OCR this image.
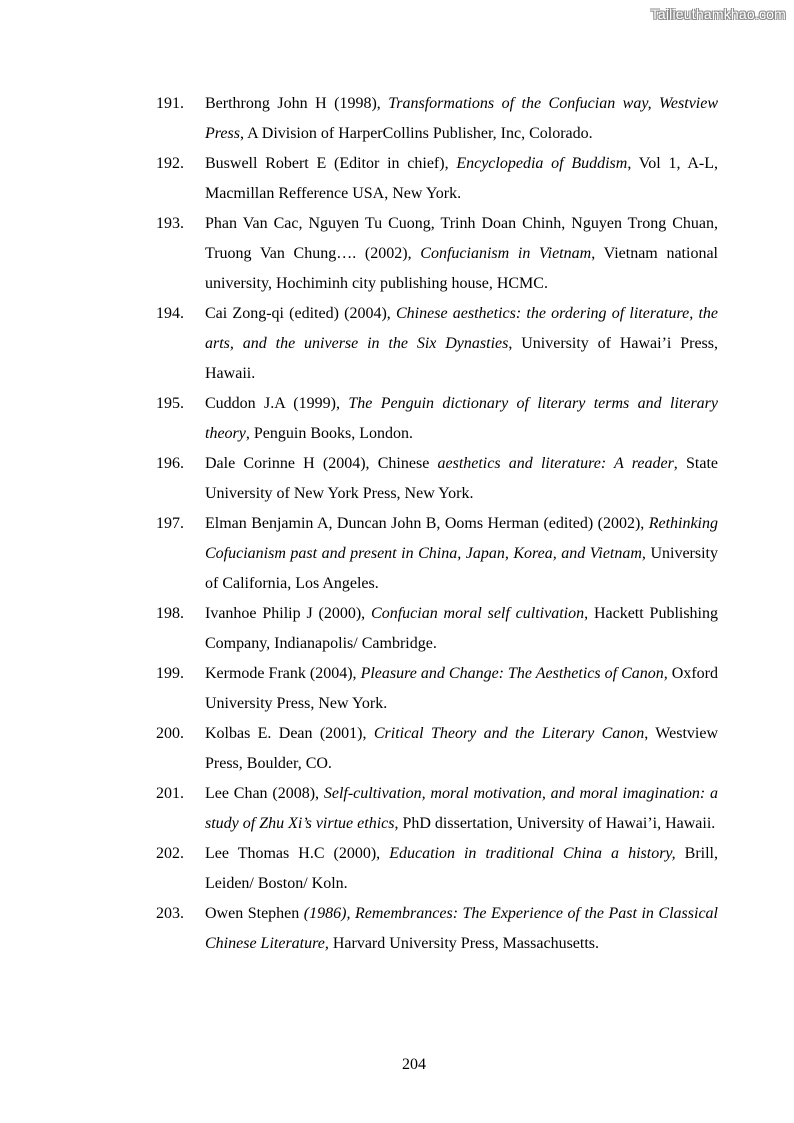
Tailieuthamkhao.com
191.	Berthrong John H (1998), Transformations of the Confucian way, Westview Press, A Division of HarperCollins Publisher, Inc, Colorado.
192.	Buswell Robert E (Editor in chief), Encyclopedia of Buddism, Vol 1, A-L, Macmillan Refference USA, New York.
193.	Phan Van Cac, Nguyen Tu Cuong, Trinh Doan Chinh, Nguyen Trong Chuan, Truong Van Chung…. (2002), Confucianism in Vietnam, Vietnam national university, Hochiminh city publishing house, HCMC.
194.	Cai Zong-qi (edited) (2004), Chinese aesthetics: the ordering of literature, the arts, and the universe in the Six Dynasties, University of Hawai’i Press, Hawaii.
195.	Cuddon J.A (1999), The Penguin dictionary of literary terms and literary theory, Penguin Books, London.
196.	Dale Corinne H (2004), Chinese aesthetics and literature: A reader, State University of New York Press, New York.
197.	Elman Benjamin A, Duncan John B, Ooms Herman (edited) (2002), Rethinking Cofucianism past and present in China, Japan, Korea, and Vietnam, University of California, Los Angeles.
198.	Ivanhoe Philip J (2000), Confucian moral self cultivation, Hackett Publishing Company, Indianapolis/ Cambridge.
199.	Kermode Frank (2004), Pleasure and Change: The Aesthetics of Canon, Oxford University Press, New York.
200.	Kolbas E. Dean (2001), Critical Theory and the Literary Canon, Westview Press, Boulder, CO.
201.	Lee Chan (2008), Self-cultivation, moral motivation, and moral imagination: a study of Zhu Xi’s virtue ethics, PhD dissertation, University of Hawai’i, Hawaii.
202.	Lee Thomas H.C (2000), Education in traditional China a history, Brill, Leiden/ Boston/ Koln.
203.	Owen Stephen (1986), Remembrances: The Experience of the Past in Classical Chinese Literature, Harvard University Press, Massachusetts.
204
